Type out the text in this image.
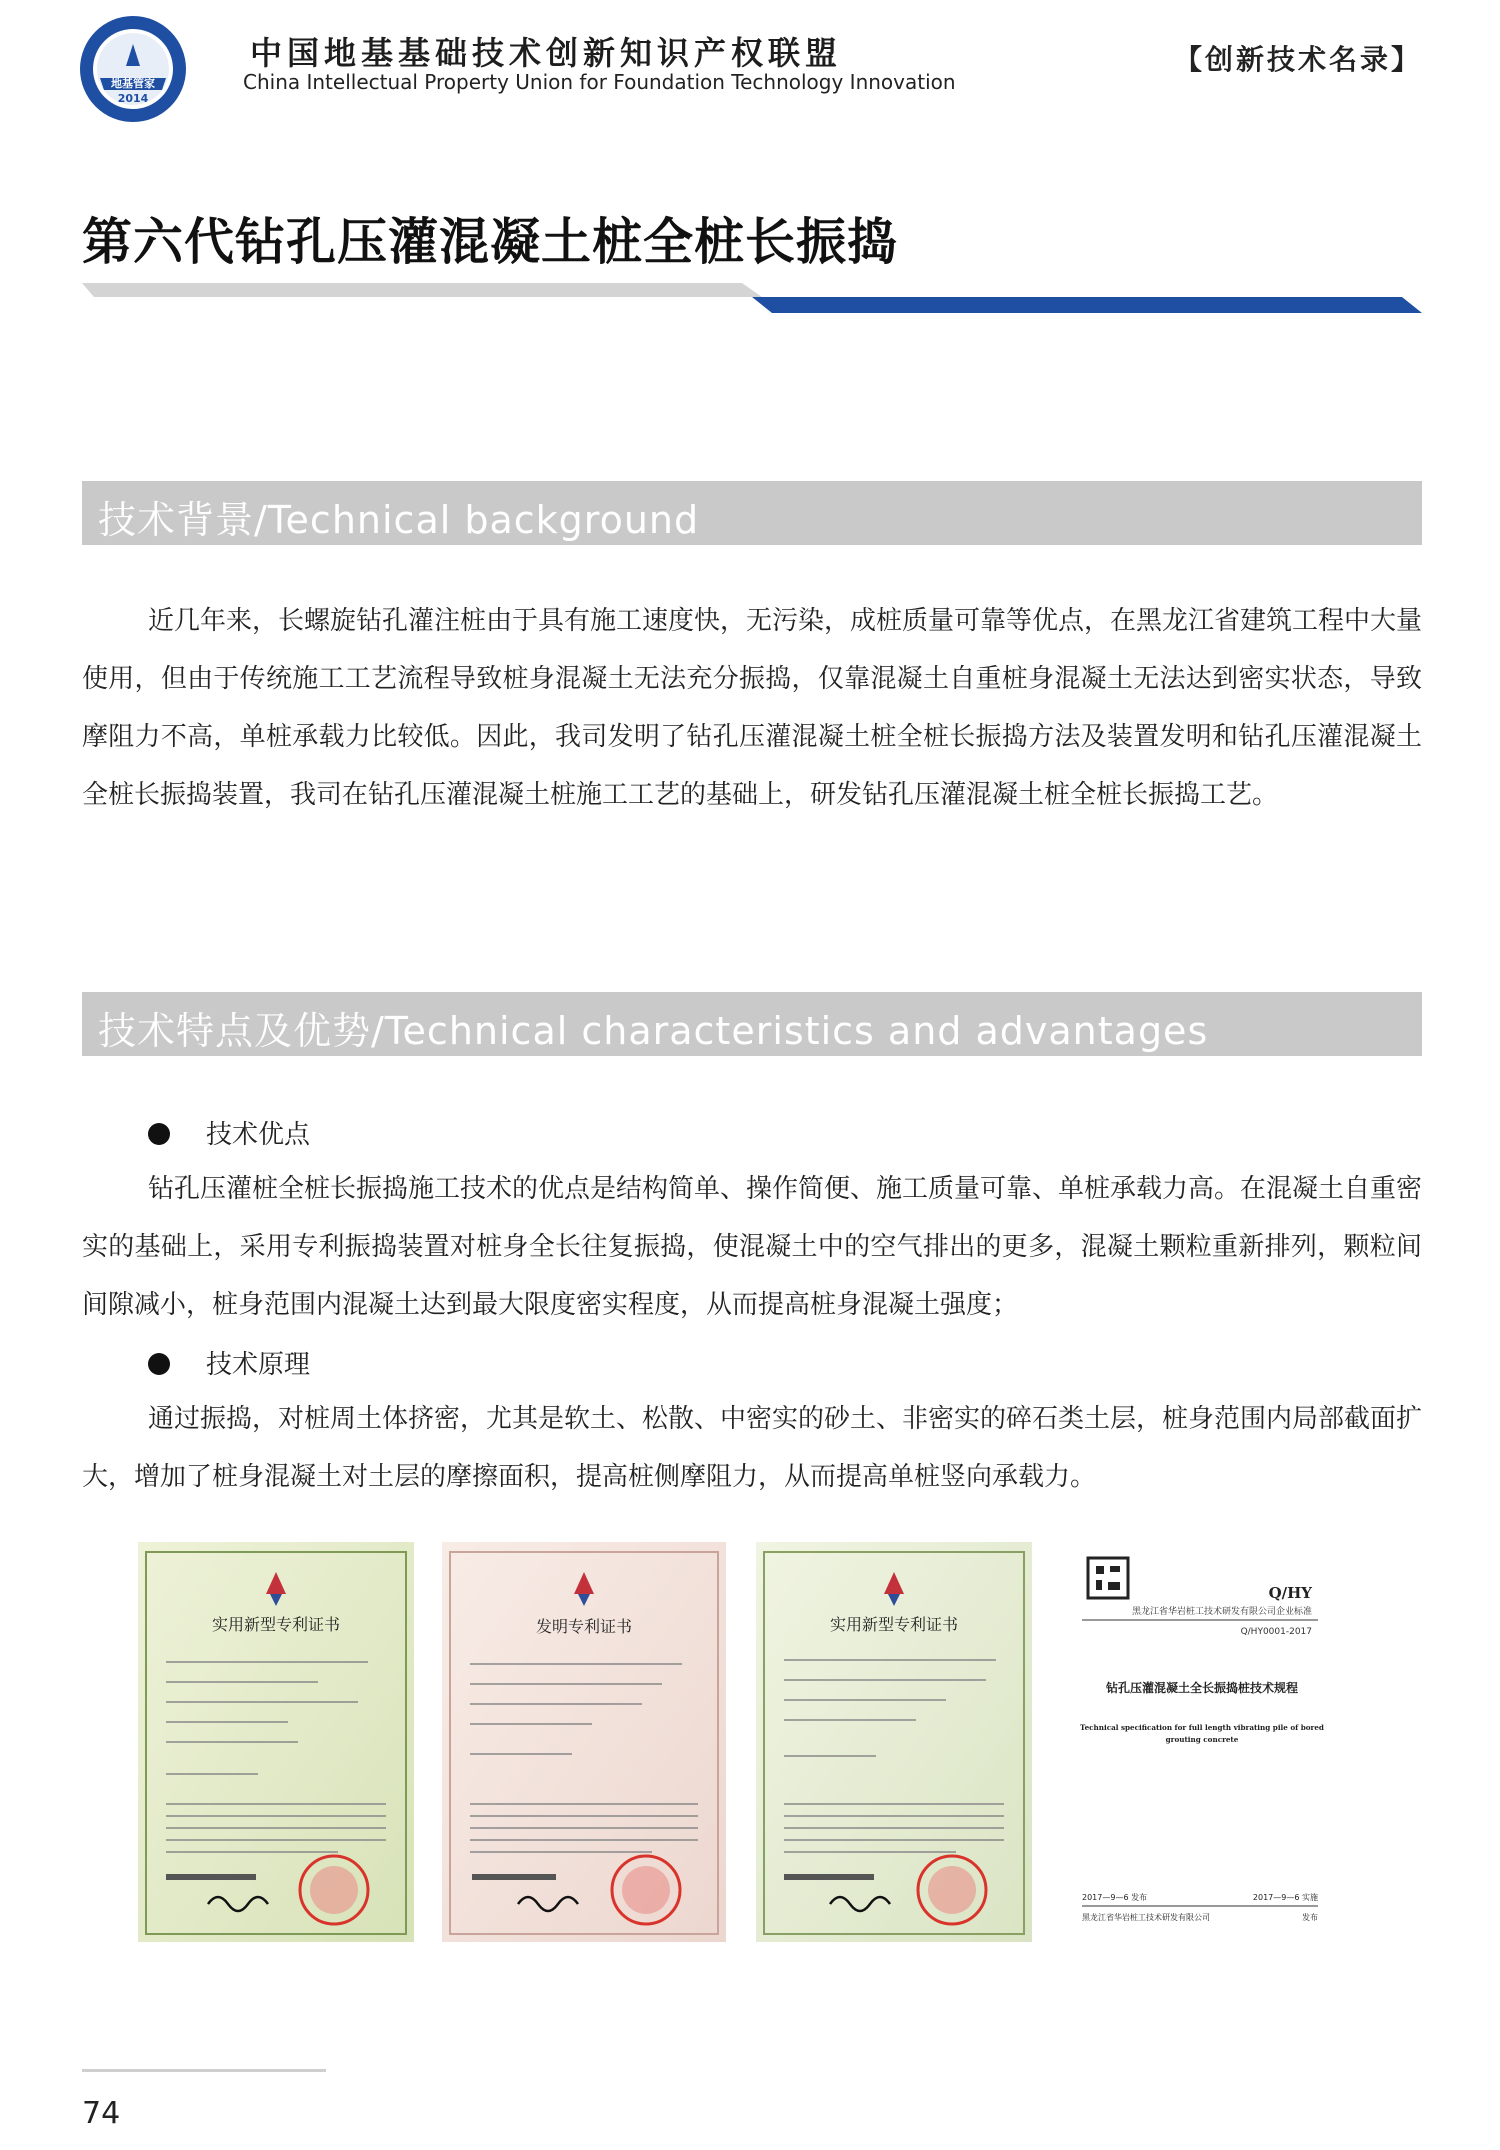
地基管家
2014
中国地基基础技术创新知识产权联盟
China Intellectual Property Union for Foundation Technology Innovation
【创新技术名录】
第六代钻孔压灌混凝土桩全桩长振捣
技术背景/Technical background

近几年来，长螺旋钻孔灌注桩由于具有施工速度快，无污染，成桩质量可靠等优点，在黑龙江省建筑工程中大量使用，但由于传统施工工艺流程导致桩身混凝土无法充分振捣，仅靠混凝土自重桩身混凝土无法达到密实状态，导致摩阻力不高，单桩承载力比较低。因此，我司发明了钻孔压灌混凝土桩全桩长振捣方法及装置发明和钻孔压灌混凝土全桩长振捣装置，我司在钻孔压灌混凝土桩施工工艺的基础上，研发钻孔压灌混凝土桩全桩长振捣工艺。

技术特点及优势/Technical characteristics and advantages
技术优点

钻孔压灌桩全桩长振捣施工技术的优点是结构简单、操作简便、施工质量可靠、单桩承载力高。在混凝土自重密实的基础上，采用专利振捣装置对桩身全长往复振捣，使混凝土中的空气排出的更多，混凝土颗粒重新排列，颗粒间间隙减小，桩身范围内混凝土达到最大限度密实程度，从而提高桩身混凝土强度；

技术原理

通过振捣，对桩周土体挤密，尤其是软土、松散、中密实的砂土、非密实的碎石类土层，桩身范围内局部截面扩大，增加了桩身混凝土对土层的摩擦面积，提高桩侧摩阻力，从而提高单桩竖向承载力。

实用新型专利证书	发明专利证书	实用新型专利证书
Q/HY
黑龙江省华岩桩工技术研发有限公司企业标准
Q/HY0001-2017
钻孔压灌混凝土全长振捣桩技术规程
Technical specification for full length vibrating pile of bored
grouting concrete
2017—9—6 发布	2017—9—6 实施
黑龙江省华岩桩工技术研发有限公司	发布
74
